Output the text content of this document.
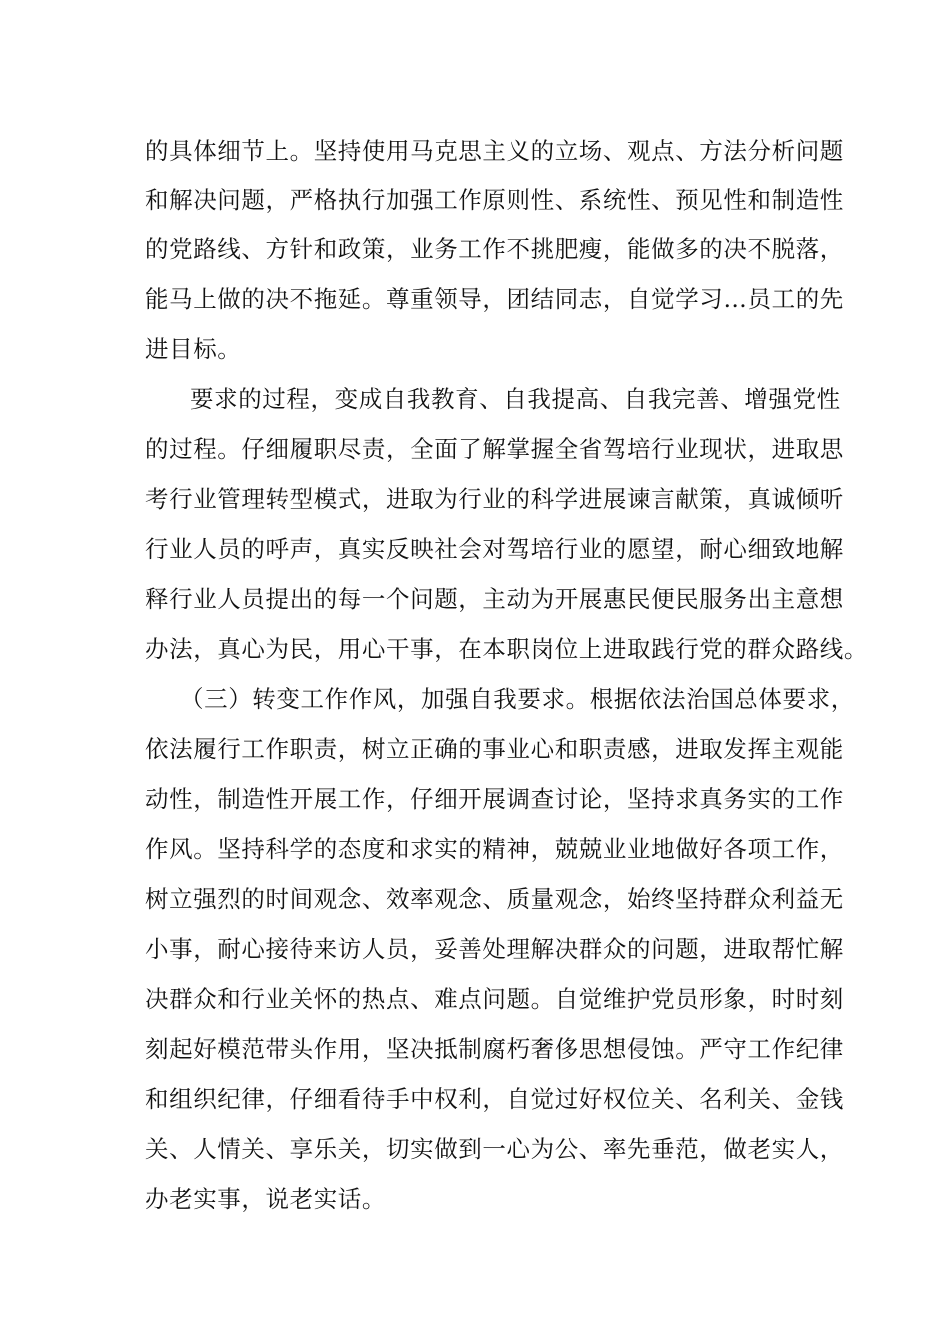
的具体细节上。坚持使用马克思主义的立场、观点、方法分析问题
和解决问题，严格执行加强工作原则性、系统性、预见性和制造性
的党路线、方针和政策，业务工作不挑肥瘦，能做多的决不脱落，
能马上做的决不拖延。尊重领导，团结同志，自觉学习…员工的先
进目标。
要求的过程，变成自我教育、自我提高、自我完善、增强党性
的过程。仔细履职尽责，全面了解掌握全省驾培行业现状，进取思
考行业管理转型模式，进取为行业的科学进展谏言献策，真诚倾听
行业人员的呼声，真实反映社会对驾培行业的愿望，耐心细致地解
释行业人员提出的每一个问题，主动为开展惠民便民服务出主意想
办法，真心为民，用心干事，在本职岗位上进取践行党的群众路线。
（三）转变工作作风，加强自我要求。根据依法治国总体要求，
依法履行工作职责，树立正确的事业心和职责感，进取发挥主观能
动性，制造性开展工作，仔细开展调查讨论，坚持求真务实的工作
作风。坚持科学的态度和求实的精神，兢兢业业地做好各项工作，
树立强烈的时间观念、效率观念、质量观念，始终坚持群众利益无
小事，耐心接待来访人员，妥善处理解决群众的问题，进取帮忙解
决群众和行业关怀的热点、难点问题。自觉维护党员形象，时时刻
刻起好模范带头作用，坚决抵制腐朽奢侈思想侵蚀。严守工作纪律
和组织纪律，仔细看待手中权利，自觉过好权位关、名利关、金钱
关、人情关、享乐关，切实做到一心为公、率先垂范，做老实人，
办老实事，说老实话。
